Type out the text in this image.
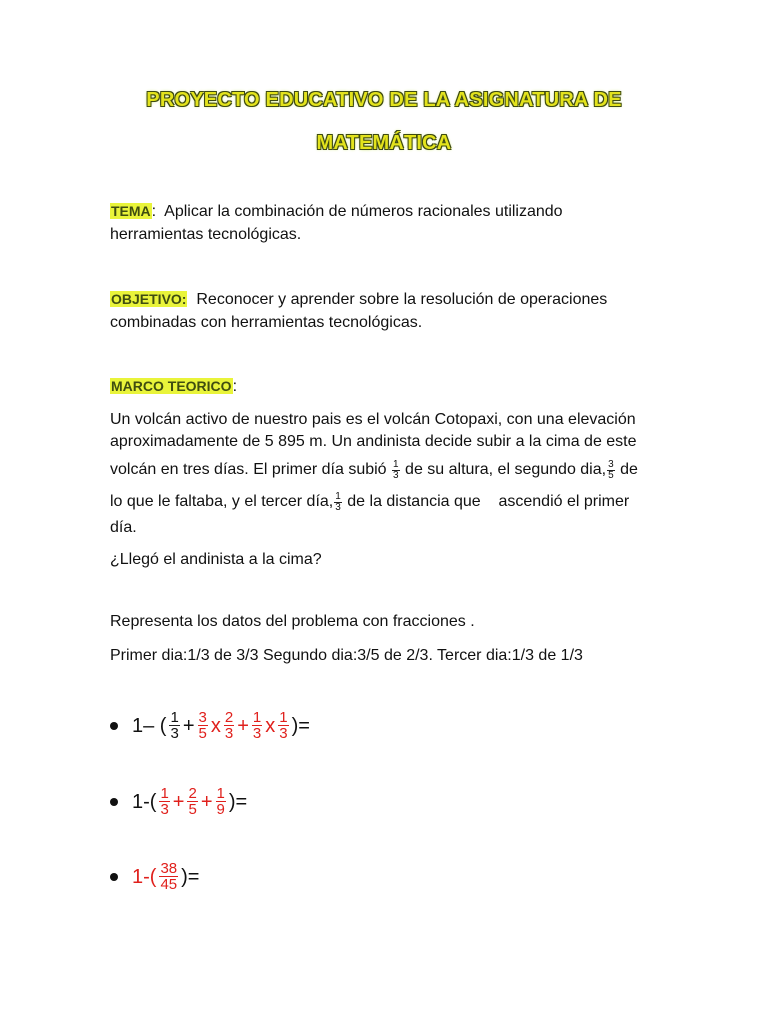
PROYECTO EDUCATIVO DE LA ASIGNATURA DE
MATEMÁTICA
TEMA: Aplicar la combinación de números racionales utilizando
herramientas tecnológicas.
OBJETIVO: Reconocer y aprender sobre la resolución de operaciones
combinadas con herramientas tecnológicas.
MARCO TEORICO:
Un volcán activo de nuestro pais es el volcán Cotopaxi, con una elevación
aproximadamente de 5 895 m. Un andinista decide subir a la cima de este
volcán en tres días. El primer día subió
$\frac{1}{3}$
de su altura, el segundo dia, $\frac{3}{5}$
de
lo que le faltaba, y el tercer día, $\frac{1}{3}$
de la distancia que    ascendió el primer
día.
¿Llegó el andinista a la cima?
Representa los datos del problema con fracciones .
Primer dia:1/3 de 3/3 Segundo dia:3/5 de 2/3. Tercer dia:1/3 de 1/3
1– ( $\frac{1}{3} + \frac{3}{5}$ x $\frac{2}{3} + \frac{1}{3}$ x $\frac{1}{3}$ )=
$1-( \frac{1}{3} + \frac{2}{5} + \frac{1}{9}$ )=
$1-( \frac{38}{45}$ )=
